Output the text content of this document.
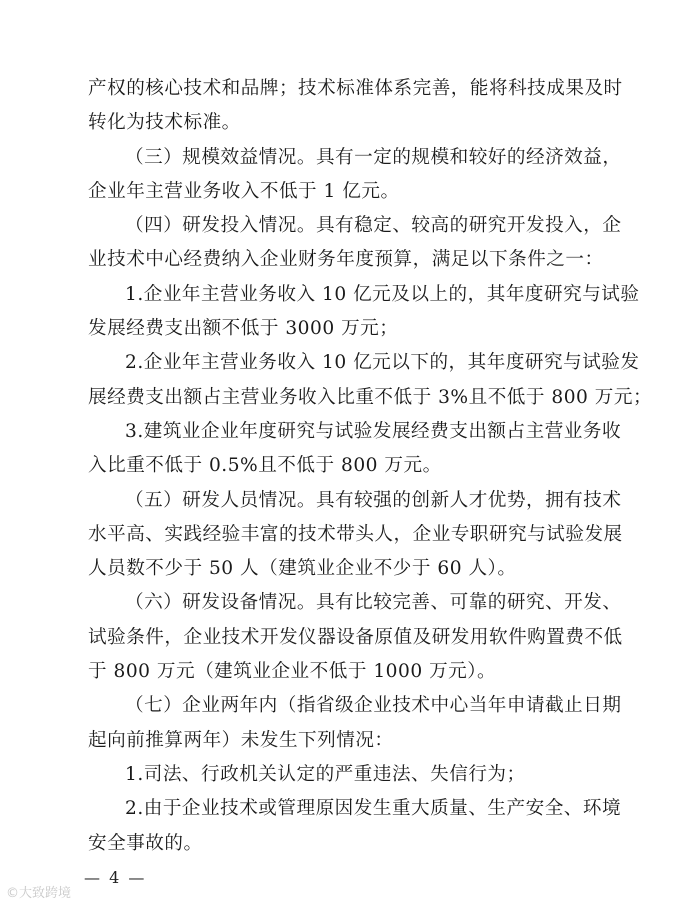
产权的核心技术和品牌；技术标准体系完善，能将科技成果及时
转化为技术标准。
（三）规模效益情况。具有一定的规模和较好的经济效益，
企业年主营业务收入不低于 1 亿元。
（四）研发投入情况。具有稳定、较高的研究开发投入，企
业技术中心经费纳入企业财务年度预算，满足以下条件之一：
1.企业年主营业务收入 10 亿元及以上的，其年度研究与试验
发展经费支出额不低于 3000 万元；
2.企业年主营业务收入 10 亿元以下的，其年度研究与试验发
展经费支出额占主营业务收入比重不低于 3%且不低于 800 万元；
3.建筑业企业年度研究与试验发展经费支出额占主营业务收
入比重不低于 0.5%且不低于 800 万元。
（五）研发人员情况。具有较强的创新人才优势，拥有技术
水平高、实践经验丰富的技术带头人，企业专职研究与试验发展
人员数不少于 50 人（建筑业企业不少于 60 人）。
（六）研发设备情况。具有比较完善、可靠的研究、开发、
试验条件，企业技术开发仪器设备原值及研发用软件购置费不低
于 800 万元（建筑业企业不低于 1000 万元）。
（七）企业两年内（指省级企业技术中心当年申请截止日期
起向前推算两年）未发生下列情况：
1.司法、行政机关认定的严重违法、失信行为；
2.由于企业技术或管理原因发生重大质量、生产安全、环境
安全事故的。
— 4 —
©大致跨境
